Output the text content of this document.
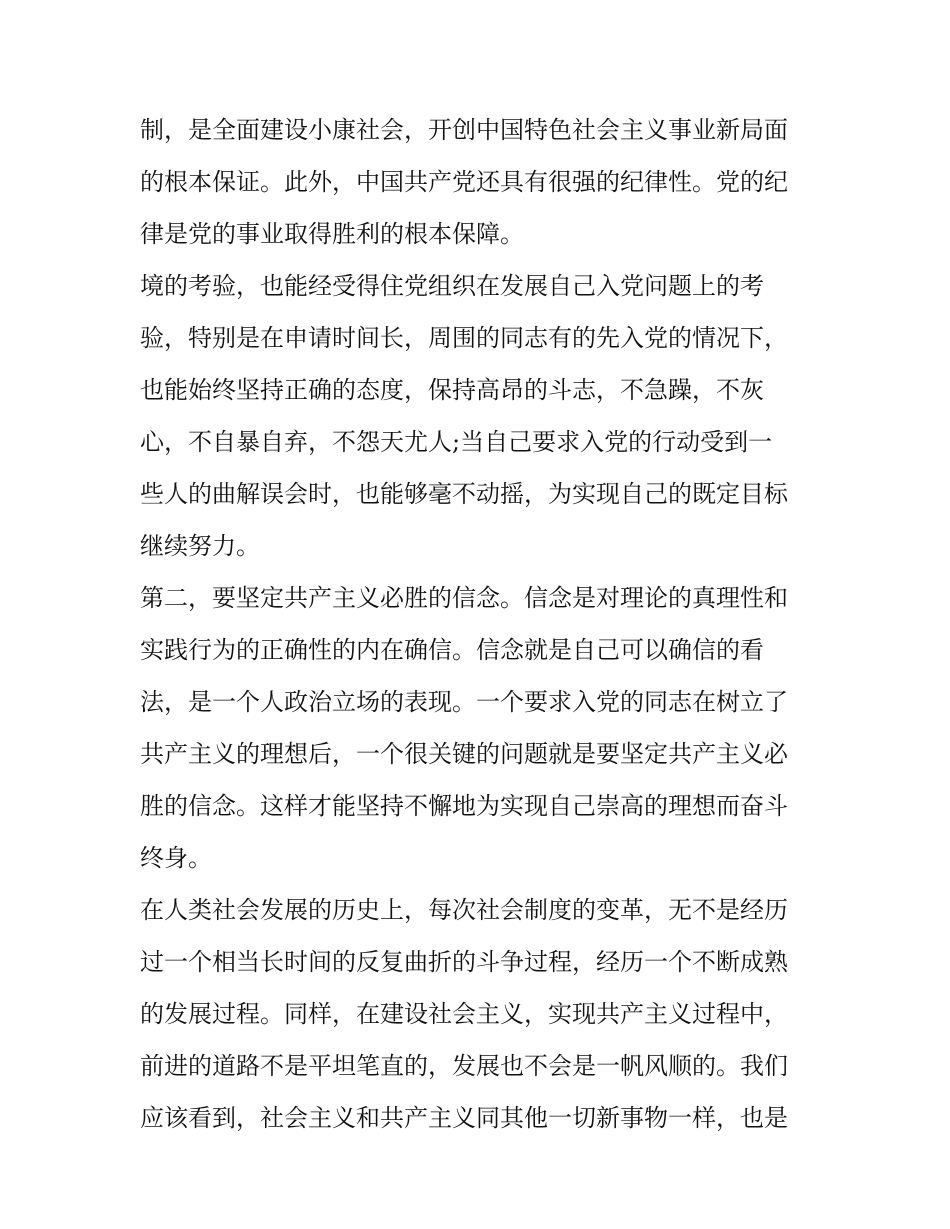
制，是全面建设小康社会，开创中国特色社会主义事业新局面
的根本保证。此外，中国共产党还具有很强的纪律性。党的纪
律是党的事业取得胜利的根本保障。
境的考验，也能经受得住党组织在发展自己入党问题上的考
验，特别是在申请时间长，周围的同志有的先入党的情况下，
也能始终坚持正确的态度，保持高昂的斗志，不急躁，不灰
心，不自暴自弃，不怨天尤人;当自己要求入党的行动受到一
些人的曲解误会时，也能够毫不动摇，为实现自己的既定目标
继续努力。
第二，要坚定共产主义必胜的信念。信念是对理论的真理性和
实践行为的正确性的内在确信。信念就是自己可以确信的看
法，是一个人政治立场的表现。一个要求入党的同志在树立了
共产主义的理想后，一个很关键的问题就是要坚定共产主义必
胜的信念。这样才能坚持不懈地为实现自己崇高的理想而奋斗
终身。
在人类社会发展的历史上，每次社会制度的变革，无不是经历
过一个相当长时间的反复曲折的斗争过程，经历一个不断成熟
的发展过程。同样，在建设社会主义，实现共产主义过程中，
前进的道路不是平坦笔直的，发展也不会是一帆风顺的。我们
应该看到，社会主义和共产主义同其他一切新事物一样，也是
